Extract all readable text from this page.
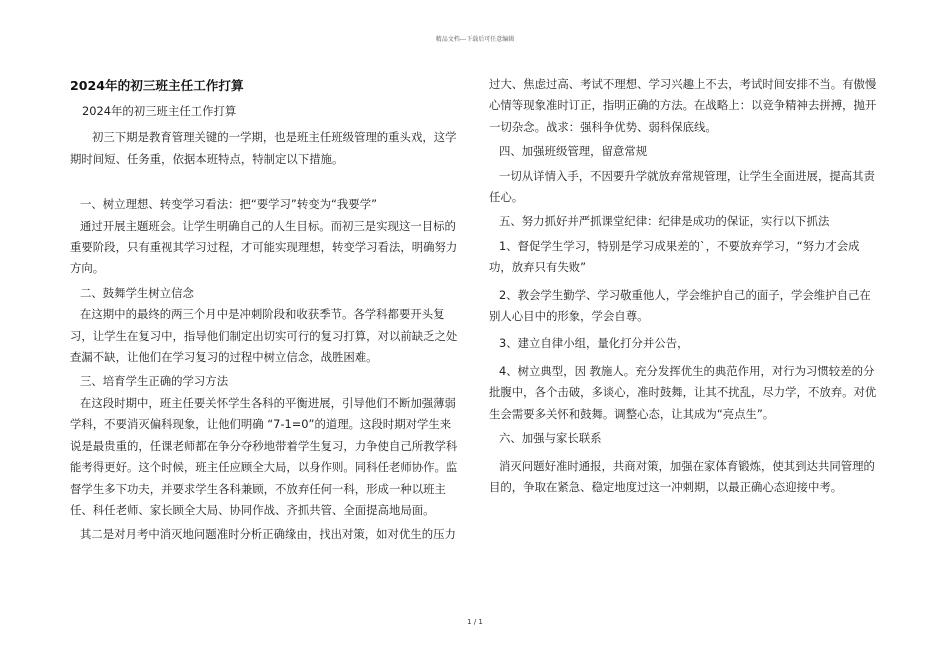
精品文档---下载后可任意编辑

2024年的初三班主任工作打算

2024年的初三班主任工作打算

初三下期是教育管理关键的一学期，也是班主任班级管理的重头戏，这学期时间短、任务重，依据本班特点，特制定以下措施。

一、树立理想、转变学习看法：把“要学习”转变为“我要学”

通过开展主题班会。让学生明确自己的人生目标。而初三是实现这一目标的重要阶段，只有重视其学习过程，才可能实现理想，转变学习看法，明确努力方向。

二、鼓舞学生树立信念

在这期中的最终的两三个月中是冲刺阶段和收获季节。各学科都要开头复习，让学生在复习中，指导他们制定出切实可行的复习打算，对以前缺乏之处查漏不缺，让他们在学习复习的过程中树立信念，战胜困难。

三、培育学生正确的学习方法

在这段时期中，班主任要关怀学生各科的平衡进展，引导他们不断加强薄弱学科，不要消灭偏科现象，让他们明确 “7-1=0”的道理。这段时期对学生来说是最贵重的，任课老师都在争分夺秒地带着学生复习，力争使自己所教学科能考得更好。这个时候，班主任应顾全大局，以身作则。同科任老师协作。监督学生多下功夫，并要求学生各科兼顾，不放弃任何一科，形成一种以班主任、科任老师、家长顾全大局、协同作战、齐抓共管、全面提高地局面。

其二是对月考中消灭地问题准时分析正确缘由，找出对策，如对优生的压力

过大、焦虑过高、考试不理想、学习兴趣上不去，考试时间安排不当。有傲慢心情等现象准时订正，指明正确的方法。在战略上：以竞争精神去拼搏，抛开一切杂念。战求：强科争优势、弱科保底线。

四、加强班级管理，留意常规

一切从详情入手，不因要升学就放弃常规管理，让学生全面进展，提高其责任心。

五、努力抓好并严抓课堂纪律：纪律是成功的保证，实行以下抓法

1、督促学生学习，特别是学习成果差的`，不要放弃学习，“努力才会成功，放弃只有失败”

2、教会学生勤学、学习敬重他人，学会维护自己的面子，学会维护自己在别人心目中的形象，学会自尊。

3、建立自律小组，量化打分并公告，

4、树立典型，因 教施人。充分发挥优生的典范作用，对行为习惯较差的分批腹中，各个击破，多谈心，准时鼓舞，让其不扰乱，尽力学，不放弃。对优生会需要多关怀和鼓舞。调整心态，让其成为“亮点生”。

六、加强与家长联系

消灭问题好准时通报，共商对策，加强在家体育锻炼，使其到达共同管理的目的，争取在紧急、稳定地度过这一冲刺期，以最正确心态迎接中考。

1 / 1
